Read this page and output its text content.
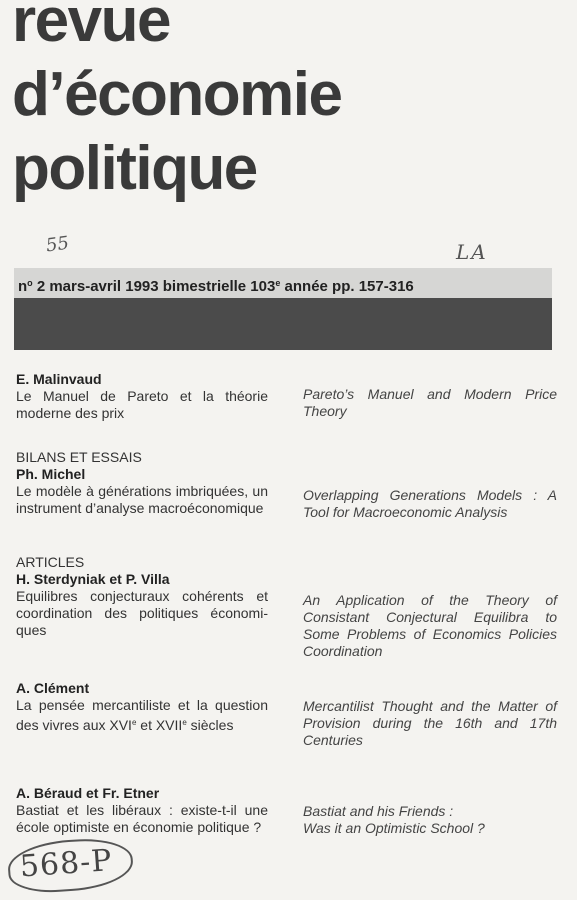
revue
d’économie
politique
55	LA
$n^o$ 2 mars-avril 1993 bimestrielle 103e année pp. 157-316
E. Malinvaud
Le Manuel de Pareto et la théorie moderne des prix
Pareto’s Manuel and Modern Price Theory
BILANS ET ESSAIS
Ph. Michel
Le modèle à générations imbriquées, un instrument d’analyse macroéconomique
Overlapping Generations Models : A Tool for Macroeconomic Analysis
ARTICLES
H. Sterdyniak et P. Villa
Equilibres conjecturaux cohérents et coordination des politiques économiques
An Application of the Theory of Consistant Conjectural Equilibra to Some Problems of Economics Policies Coordination
A. Clément
La pensée mercantiliste et la question des vivres aux XVIe et XVIIe siècles
Mercantilist Thought and the Matter of Provision during the 16th and 17th Centuries
A. Béraud et Fr. Etner
Bastiat et les libéraux : existe-t-il une école optimiste en économie politique ?
Bastiat and his Friends :
Was it an Optimistic School ?
568-P
